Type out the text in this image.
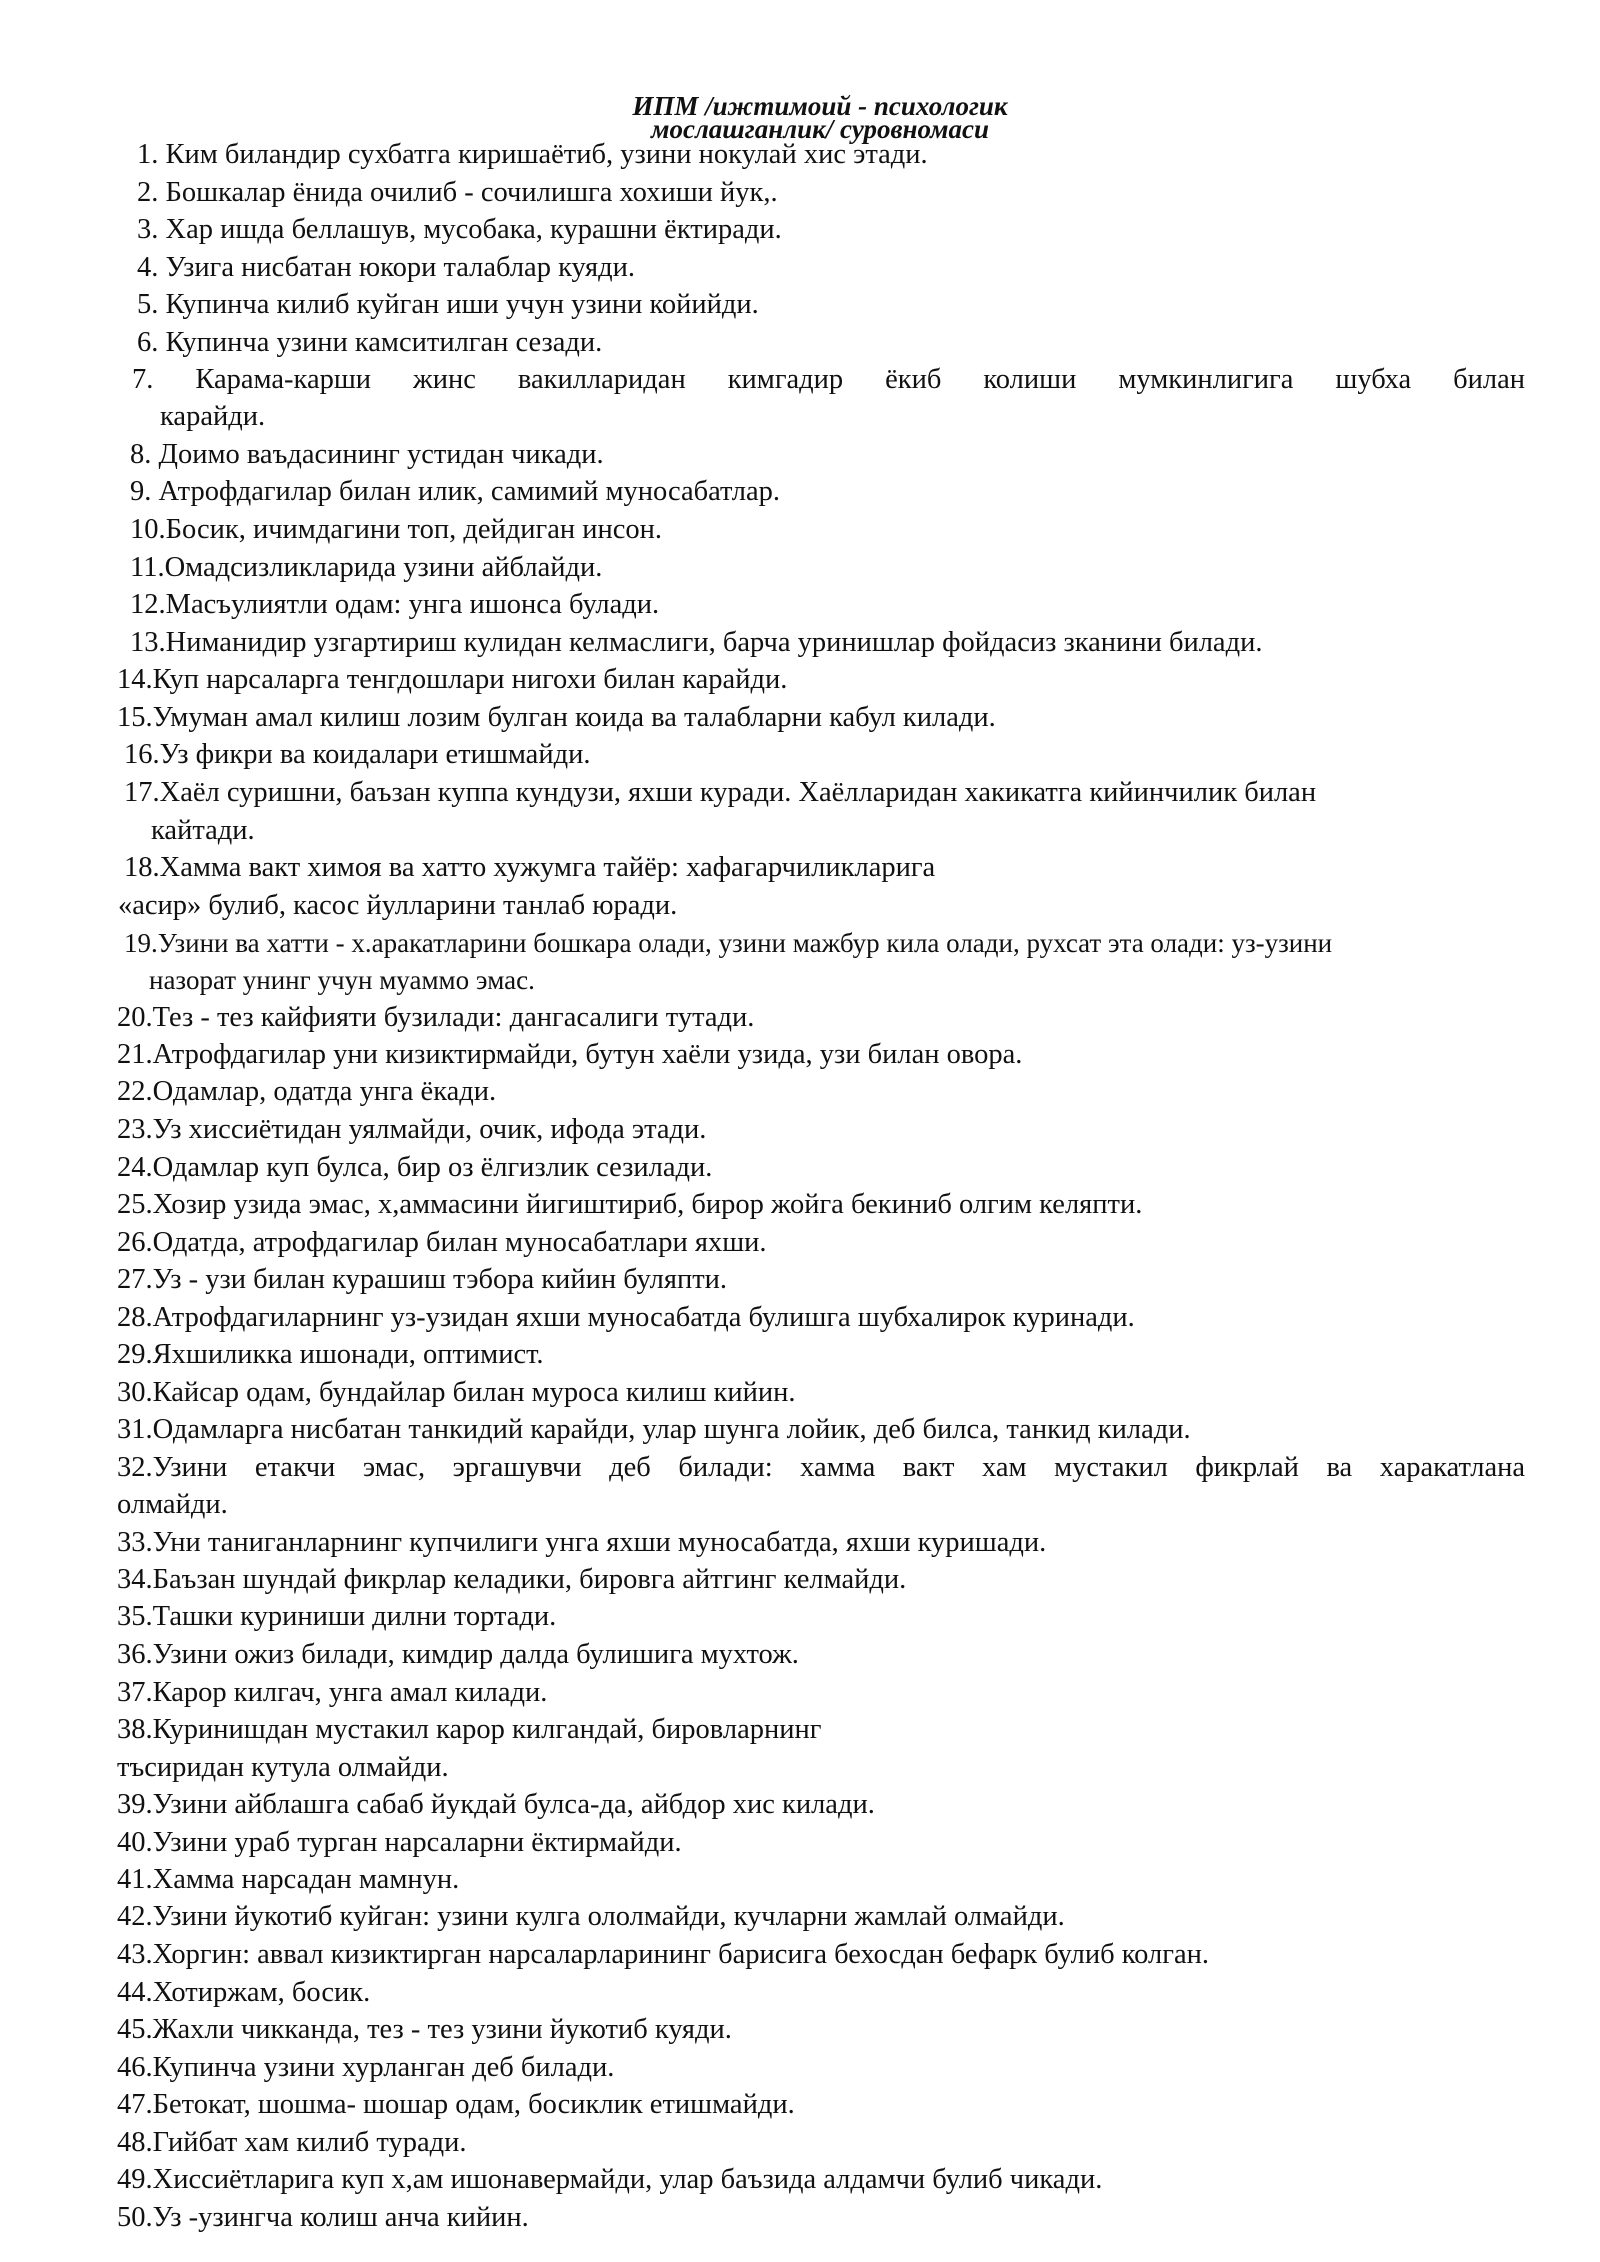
ИПМ /ижтимоий - психологик
мослашганлик/ суровномаси
1. Ким биландир сухбатга киришаётиб, узини нокулай хис этади.
2. Бошкалар ёнида очилиб - сочилишга хохиши йук,.
3. Хар ишда беллашув, мусобака, курашни ёктиради.
4. Узига нисбатан юкори талаблар куяди.
5. Купинча килиб куйган иши учун узини койийди.
6. Купинча узини камситилган сезади.
7. Карама-карши жинс вакилларидан кимгадир ёкиб колиши мумкинлигига шубха билан
карайди.
8. Доимо ваъдасининг устидан чикади.
9. Атрофдагилар билан илик, самимий муносабатлар.
10.Босик, ичимдагини топ, дейдиган инсон.
11.Омадсизликларида узини айблайди.
12.Масъулиятли одам: унга ишонса булади.
13.Ниманидир узгартириш кулидан келмаслиги, барча уринишлар фойдасиз зканини билади.
14.Куп нарсаларга тенгдошлари нигохи билан карайди.
15.Умуман амал килиш лозим булган коида ва талабларни кабул килади.
16.Уз фикри ва коидалари етишмайди.
17.Хаёл суришни, баъзан куппа кундузи, яхши куради. Хаёлларидан хакикатга кийинчилик билан
кайтади.
18.Хамма вакт химоя ва хатто хужумга тайёр: хафагарчиликларига
«асир» булиб, касос йулларини танлаб юради.
19.Узини ва хатти - х.аракатларини бошкара олади, узини мажбур кила олади, рухсат эта олади: уз-узини
назорат унинг учун муаммо эмас.
20.Тез - тез кайфияти бузилади: дангасалиги тутади.
21.Атрофдагилар уни кизиктирмайди, бутун хаёли узида, узи билан овора.
22.Одамлар, одатда унга ёкади.
23.Уз хиссиётидан уялмайди, очик, ифода этади.
24.Одамлар куп булса, бир оз ёлгизлик сезилади.
25.Хозир узида эмас, х,аммасини йигиштириб, бирор жойга бекиниб олгим келяпти.
26.Одатда, атрофдагилар билан муносабатлари яхши.
27.Уз - узи билан курашиш тэбора кийин буляпти.
28.Атрофдагиларнинг уз-узидан яхши муносабатда булишга шубхалирок куринади.
29.Яхшиликка ишонади, оптимист.
30.Кайсар одам, бундайлар билан муроса килиш кийин.
31.Одамларга нисбатан танкидий карайди, улар шунга лойик, деб билса, танкид килади.
32.Узини етакчи эмас, эргашувчи деб билади: хамма вакт хам мустакил фикрлай ва харакатлана
олмайди.
33.Уни таниганларнинг купчилиги унга яхши муносабатда, яхши куришади.
34.Баъзан шундай фикрлар келадики, бировга айтгинг келмайди.
35.Ташки куриниши дилни тортади.
36.Узини ожиз билади, кимдир далда булишига мухтож.
37.Карор килгач, унга амал килади.
38.Куринишдан мустакил карор килгандай, бировларнинг
тъсиридан кутула олмайди.
39.Узини айблашга сабаб йукдай булса-да, айбдор хис килади.
40.Узини ураб турган нарсаларни ёктирмайди.
41.Хамма нарсадан мамнун.
42.Узини йукотиб куйган: узини кулга ололмайди, кучларни жамлай олмайди.
43.Хоргин: аввал кизиктирган нарсаларларининг барисига бехосдан бефарк булиб колган.
44.Хотиржам, босик.
45.Жахли чикканда, тез - тез узини йукотиб куяди.
46.Купинча узини хурланган деб билади.
47.Бетокат, шошма- шошар одам, босиклик етишмайди.
48.Гийбат хам килиб туради.
49.Хиссиётларига куп х,ам ишонавермайди, улар баъзида алдамчи булиб чикади.
50.Уз -узингча колиш анча кийин.
